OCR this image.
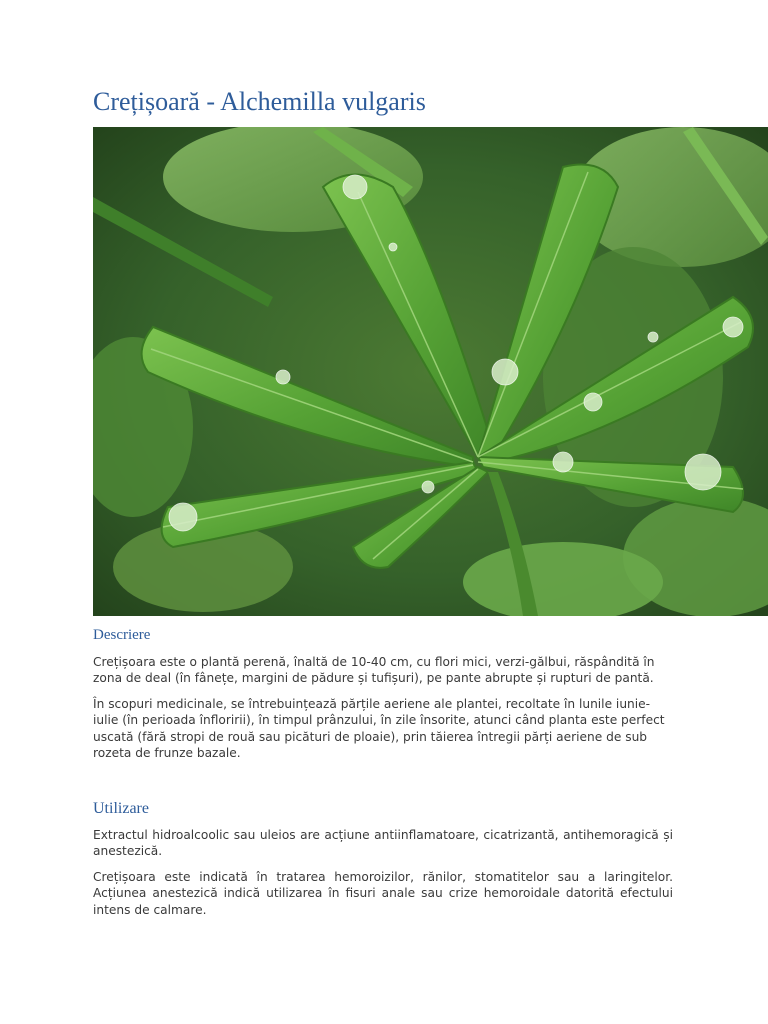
Crețișoară - Alchemilla vulgaris
Descriere

Crețișoara este o plantă perenă, înaltă de 10-40 cm, cu flori mici, verzi-gălbui, răspândită în zona de deal (în fânețe, margini de pădure și tufișuri), pe pante abrupte și rupturi de pantă.

În scopuri medicinale, se întrebuințează părțile aeriene ale plantei, recoltate în lunile iunie-iulie (în perioada înfloririi), în timpul prânzului, în zile însorite, atunci când planta este perfect uscată (fără stropi de rouă sau picături de ploaie), prin tăierea întregii părți aeriene de sub rozeta de frunze bazale.

Utilizare

Extractul hidroalcoolic sau uleios are acțiune antiinflamatoare, cicatrizantă, antihemoragică și anestezică.

Crețișoara este indicată în tratarea hemoroizilor, rănilor, stomatitelor sau a laringitelor. Acțiunea anestezică indică utilizarea în fisuri anale sau crize hemoroidale datorită efectului intens de calmare.
